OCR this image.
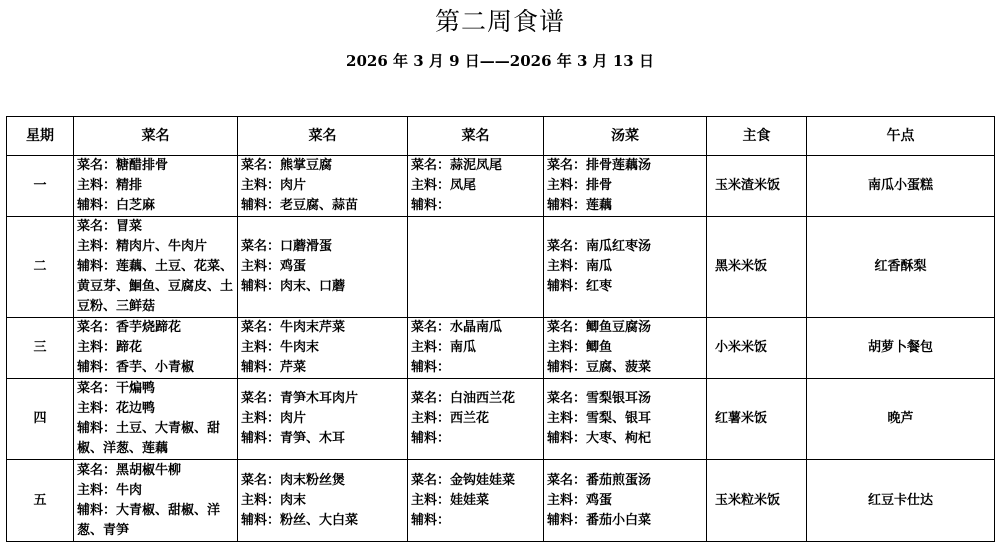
第二周食谱
2026 年 3 月 9 日——2026 年 3 月 13 日
星期	菜名	菜名	菜名	汤菜	主食	午点
一	菜名：糖醋排骨
主料：精排
辅料：白芝麻	菜名：熊掌豆腐
主料：肉片
辅料：老豆腐、蒜苗	菜名：蒜泥凤尾
主料：凤尾
辅料：	菜名：排骨莲藕汤
主料：排骨
辅料：莲藕	玉米渣米饭	南瓜小蛋糕
二	菜名：冒菜
主料：精肉片、牛肉片
辅料：莲藕、土豆、花菜、黄豆芽、鮰鱼、豆腐皮、土豆粉、三鲜菇	菜名：口蘑滑蛋
主料：鸡蛋
辅料：肉末、口蘑		菜名：南瓜红枣汤
主料：南瓜
辅料：红枣	黑米米饭	红香酥梨
三	菜名：香芋烧蹄花
主料：蹄花
辅料：香芋、小青椒	菜名：牛肉末芹菜
主料：牛肉末
辅料：芹菜	菜名：水晶南瓜
主料：南瓜
辅料：	菜名：鲫鱼豆腐汤
主料：鲫鱼
辅料：豆腐、菠菜	小米米饭	胡萝卜餐包
四	菜名：干煸鸭
主料：花边鸭
辅料：土豆、大青椒、甜椒、洋葱、莲藕	菜名：青笋木耳肉片
主料：肉片
辅料：青笋、木耳	菜名：白油西兰花
主料：西兰花
辅料：	菜名：雪梨银耳汤
主料：雪梨、银耳
辅料：大枣、枸杞	红薯米饭	晚芦
五	菜名：黑胡椒牛柳
主料：牛肉
辅料：大青椒、甜椒、洋葱、青笋	菜名：肉末粉丝煲
主料：肉末
辅料：粉丝、大白菜	菜名：金钩娃娃菜
主料：娃娃菜
辅料：	菜名：番茄煎蛋汤
主料：鸡蛋
辅料：番茄小白菜	玉米粒米饭	红豆卡仕达
